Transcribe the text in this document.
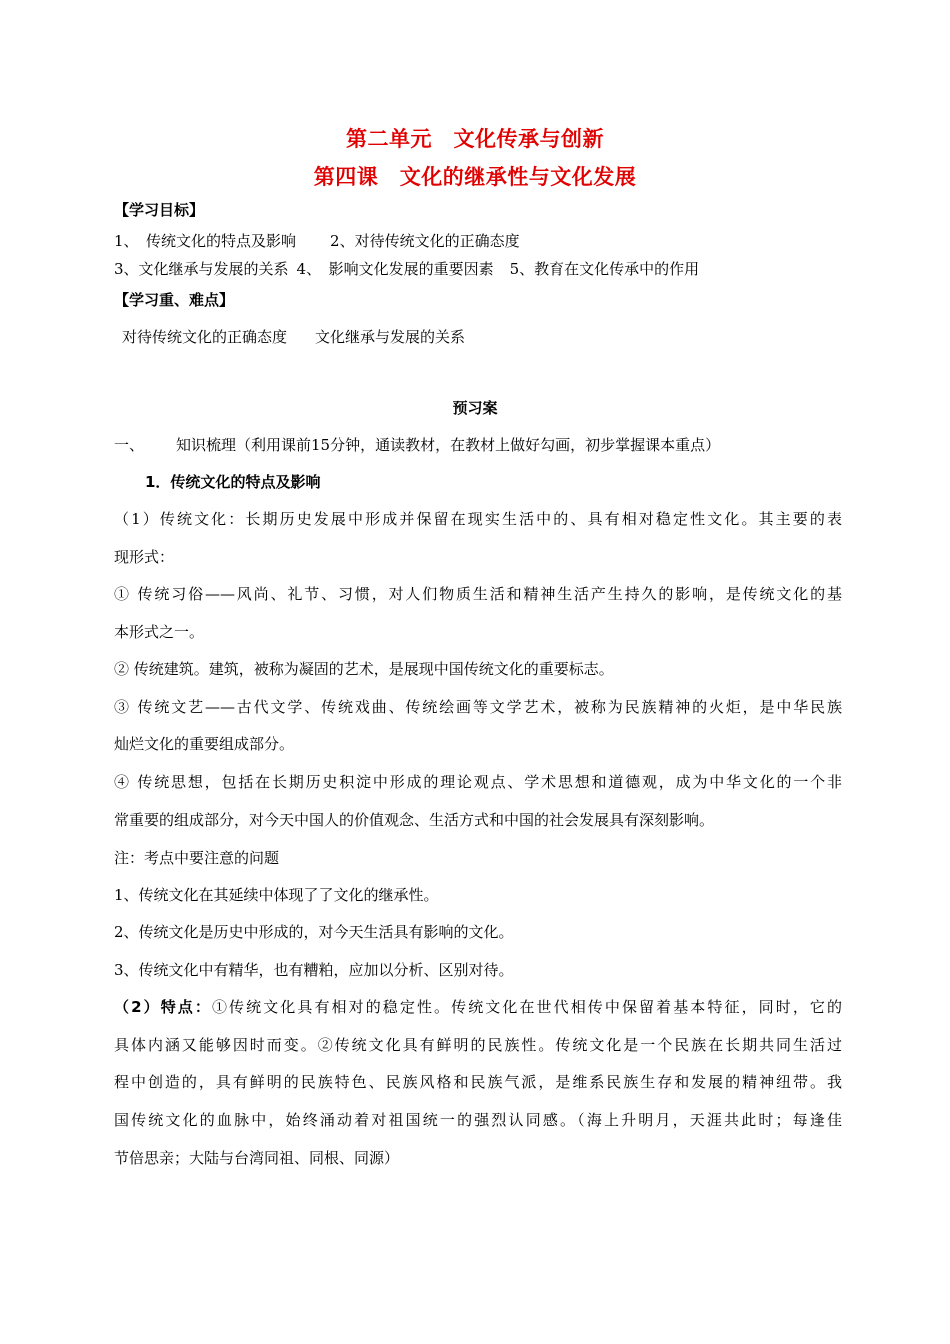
第二单元　文化传承与创新
第四课　文化的继承性与文化发展
【学习目标】
1、　传统文化的特点及影响 2、对待传统文化的正确态度
3、文化继承与发展的关系 4、　影响文化发展的重要因素 5、教育在文化传承中的作用
【学习重、难点】
对待传统文化的正确态度 文化继承与发展的关系
预习案
一、 知识梳理（利用课前15分钟，通读教材，在教材上做好勾画，初步掌握课本重点）
1．传统文化的特点及影响
（1）传统文化：长期历史发展中形成并保留在现实生活中的、具有相对稳定性文化。其主要的表
现形式：
① 传统习俗——风尚、礼节、习惯，对人们物质生活和精神生活产生持久的影响，是传统文化的基
本形式之一。
② 传统建筑。建筑，被称为凝固的艺术，是展现中国传统文化的重要标志。
③ 传统文艺——古代文学、传统戏曲、传统绘画等文学艺术，被称为民族精神的火炬，是中华民族
灿烂文化的重要组成部分。
④ 传统思想，包括在长期历史积淀中形成的理论观点、学术思想和道德观，成为中华文化的一个非
常重要的组成部分，对今天中国人的价值观念、生活方式和中国的社会发展具有深刻影响。
注：考点中要注意的问题
1、传统文化在其延续中体现了了文化的继承性。
2、传统文化是历史中形成的，对今天生活具有影响的文化。
3、传统文化中有精华，也有糟粕，应加以分析、区别对待。
（2）特点：①传统文化具有相对的稳定性。传统文化在世代相传中保留着基本特征，同时，它的
具体内涵又能够因时而变。②传统文化具有鲜明的民族性。传统文化是一个民族在长期共同生活过
程中创造的，具有鲜明的民族特色、民族风格和民族气派，是维系民族生存和发展的精神纽带。我
国传统文化的血脉中，始终涌动着对祖国统一的强烈认同感。（海上升明月，天涯共此时；每逢佳
节倍思亲；大陆与台湾同祖、同根、同源）
